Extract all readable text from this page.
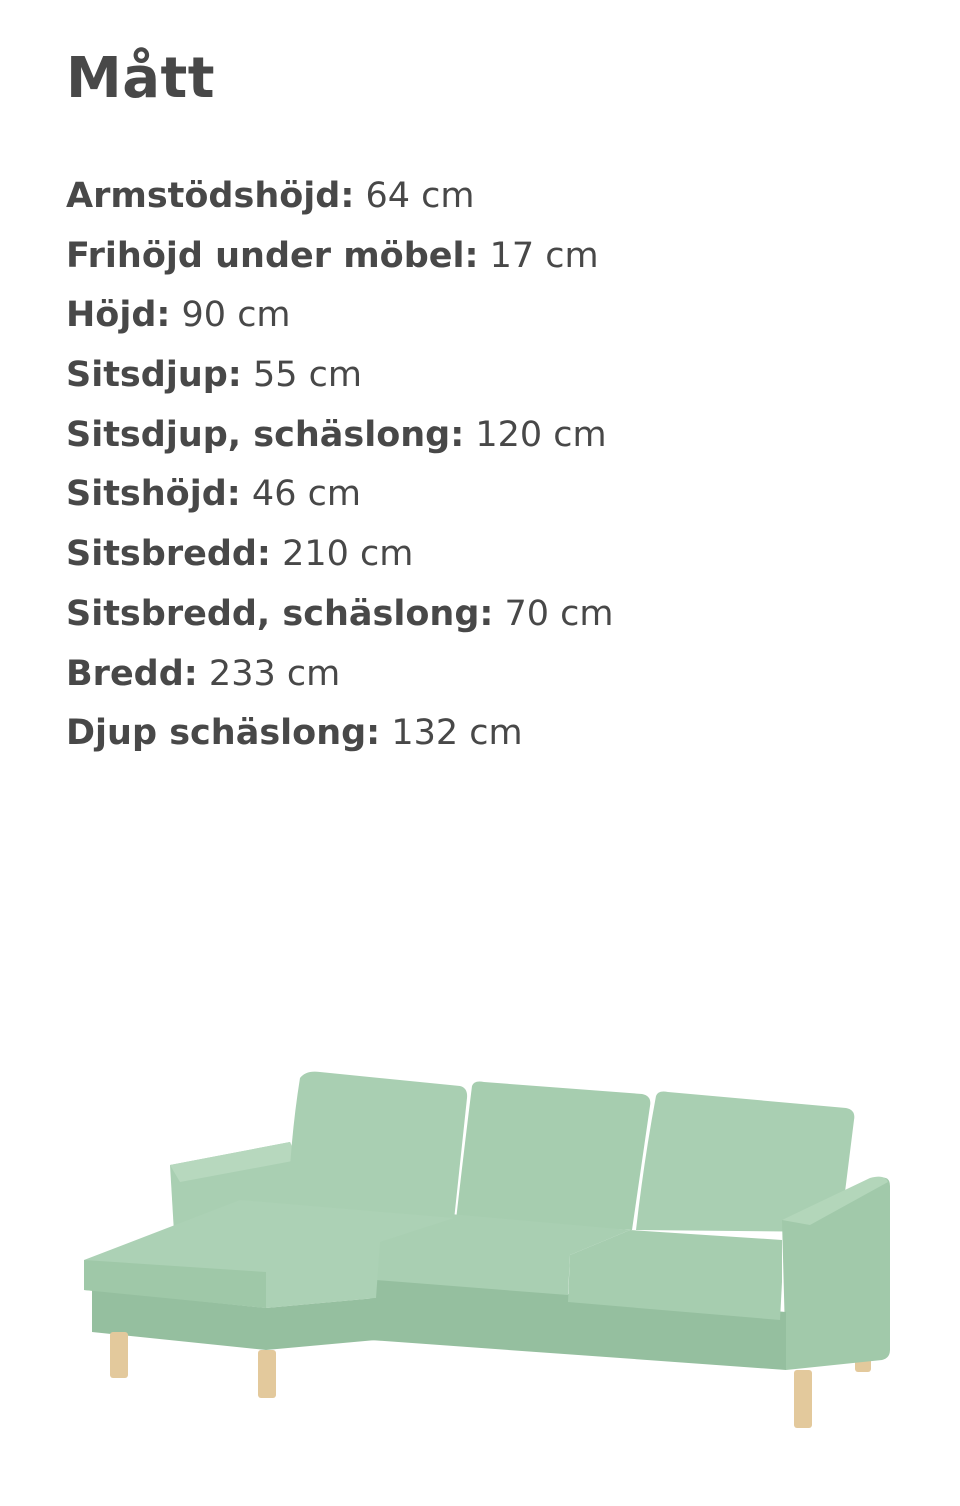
Mått
Armstödshöjd: 64 cm
Frihöjd under möbel: 17 cm
Höjd: 90 cm
Sitsdjup: 55 cm
Sitsdjup, schäslong: 120 cm
Sitshöjd: 46 cm
Sitsbredd: 210 cm
Sitsbredd, schäslong: 70 cm
Bredd: 233 cm
Djup schäslong: 132 cm
